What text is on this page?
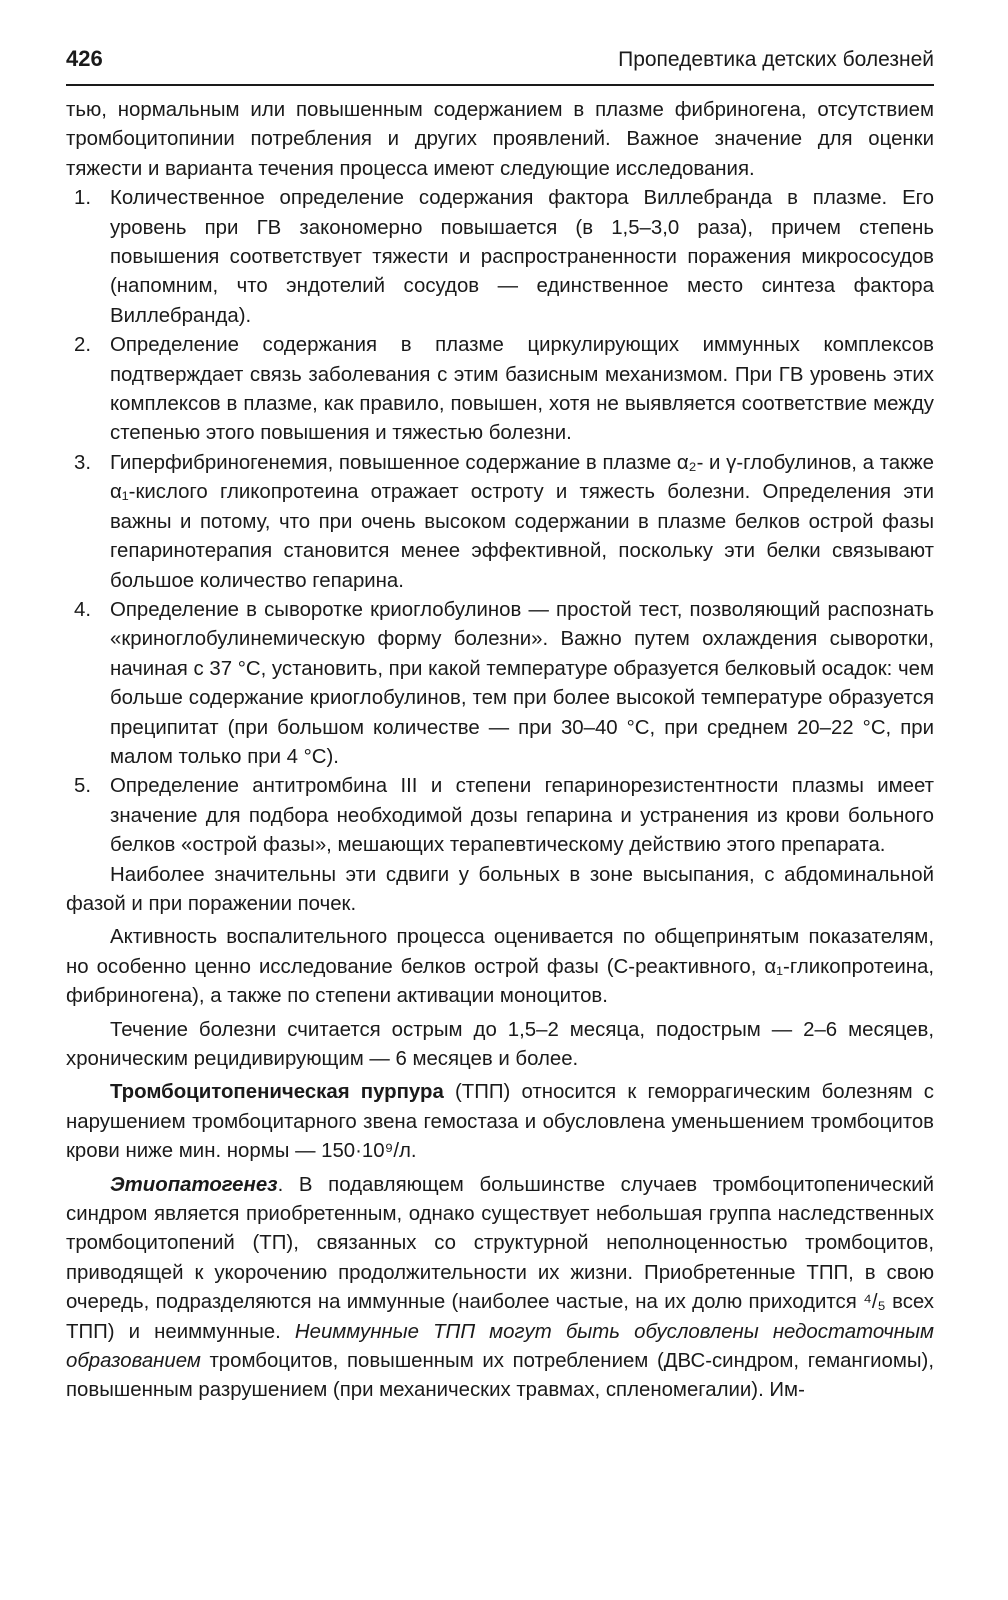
426	Пропедевтика детских болезней

тью, нормальным или повышенным содержанием в плазме фибриногена, отсутствием тромбоцитопинии потребления и других проявлений. Важное значение для оценки тяжести и варианта течения процесса имеют следующие исследования.

1. Количественное определение содержания фактора Виллебранда в плазме. Его уровень при ГВ закономерно повышается (в 1,5–3,0 раза), причем степень повышения соответствует тяжести и распространенности поражения микрососудов (напомним, что эндотелий сосудов — единственное место синтеза фактора Виллебранда).
2. Определение содержания в плазме циркулирующих иммунных комплексов подтверждает связь заболевания с этим базисным механизмом. При ГВ уровень этих комплексов в плазме, как правило, повышен, хотя не выявляется соответствие между степенью этого повышения и тяжестью болезни.
3. Гиперфибриногенемия, повышенное содержание в плазме α₂- и γ-глобулинов, а также α₁-кислого гликопротеина отражает остроту и тяжесть болезни. Определения эти важны и потому, что при очень высоком содержании в плазме белков острой фазы гепаринотерапия становится менее эффективной, поскольку эти белки связывают большое количество гепарина.
4. Определение в сыворотке криоглобулинов — простой тест, позволяющий распознать «криноглобулинемическую форму болезни». Важно путем охлаждения сыворотки, начиная с 37 °С, установить, при какой температуре образуется белковый осадок: чем больше содержание криоглобулинов, тем при более высокой температуре образуется преципитат (при большом количестве — при 30–40 °С, при среднем 20–22 °С, при малом только при 4 °С).
5. Определение антитромбина III и степени гепаринорезистентности плазмы имеет значение для подбора необходимой дозы гепарина и устранения из крови больного белков «острой фазы», мешающих терапевтическому действию этого препарата.

Наиболее значительны эти сдвиги у больных в зоне высыпания, с абдоминальной фазой и при поражении почек.

Активность воспалительного процесса оценивается по общепринятым показателям, но особенно ценно исследование белков острой фазы (С-реактивного, α₁-гликопротеина, фибриногена), а также по степени активации моноцитов.

Течение болезни считается острым до 1,5–2 месяца, подострым — 2–6 месяцев, хроническим рецидивирующим — 6 месяцев и более.

Тромбоцитопеническая пурпура (ТПП) относится к геморрагическим болезням с нарушением тромбоцитарного звена гемостаза и обусловлена уменьшением тромбоцитов крови ниже мин. нормы — 150·10⁹/л.

Этиопатогенез. В подавляющем большинстве случаев тромбоцитопенический синдром является приобретенным, однако существует небольшая группа наследственных тромбоцитопений (ТП), связанных со структурной неполноценностью тромбоцитов, приводящей к укорочению продолжительности их жизни. Приобретенные ТПП, в свою очередь, подразделяются на иммунные (наиболее частые, на их долю приходится ⁴/₅ всех ТПП) и неиммунные. Неиммунные ТПП могут быть обусловлены недостаточным образованием тромбоцитов, повышенным их потреблением (ДВС-синдром, гемангиомы), повышенным разрушением (при механических травмах, спленомегалии). Им-
